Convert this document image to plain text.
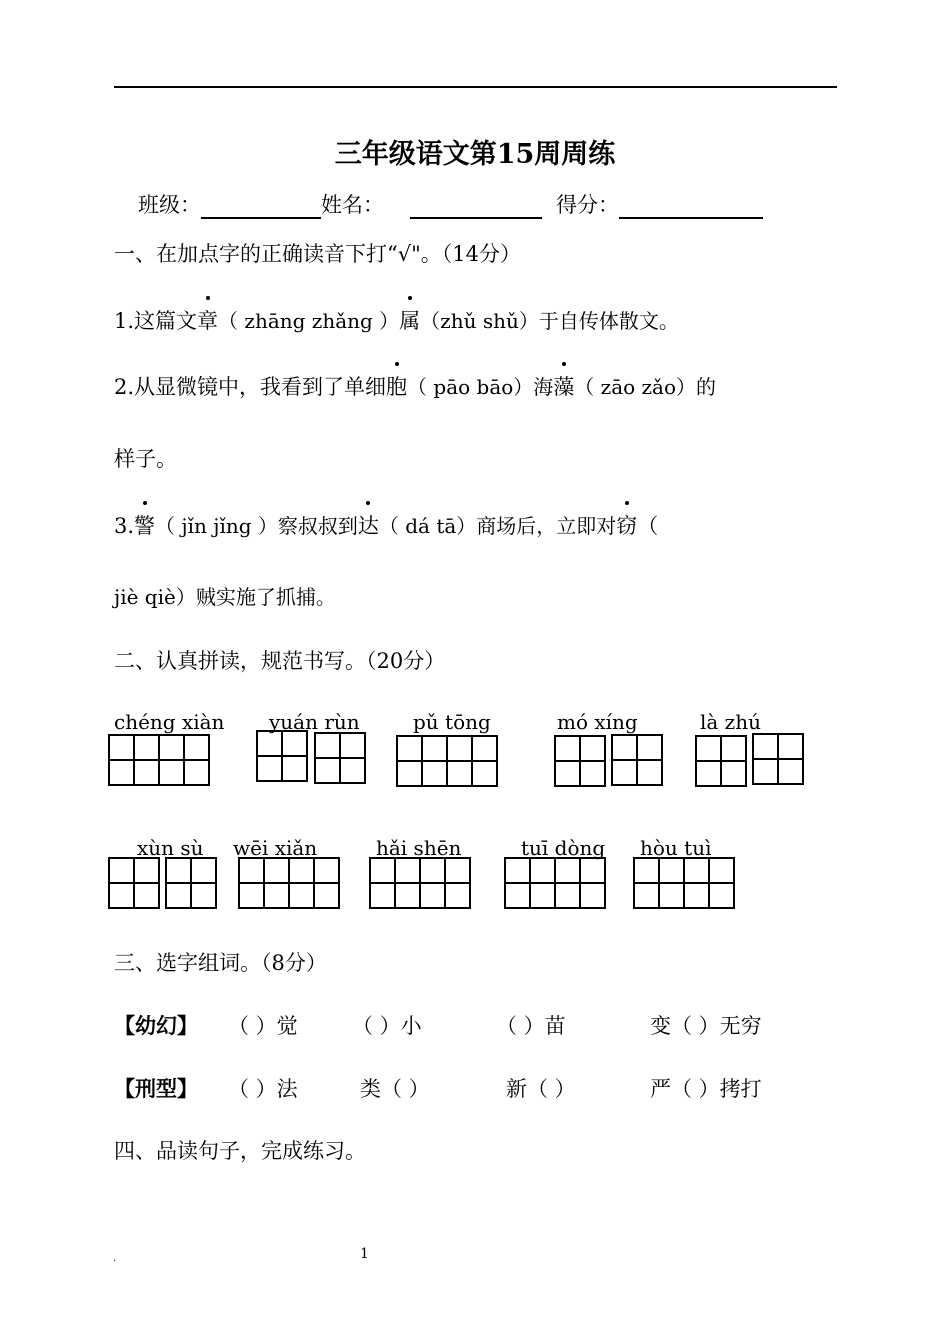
三年级语文第15周周练
班级：	姓名：	得分：
一、在加点字的正确读音下打“√"。（14分）
1.这篇文章（ zhāng zhǎng ）属（zhǔ shǔ）于自传体散文。
2.从显微镜中，我看到了单细胞（ pāo bāo）海藻（ zāo zǎo）的
样子。
3.警（ jǐn jǐng ）察叔叔到达（ dá tā）商场后，立即对窃（
jiè qiè）贼实施了抓捕。
二、认真拼读，规范书写。（20分）
chéng xiàn yuán rùn	pǔ tōng	mó xíng	là zhú
xùn sù wēi xiǎn	hǎi shēn	tuī dòng hòu tuì
三、选字组词。（8分）
【幼幻】 （ ）觉	（ ）小	（ ）苗	变（ ）无穷
【刑型】 （ ）法	类（ ）	新（ ）	严（ ）拷打
四、品读句子，完成练习。
1
.
